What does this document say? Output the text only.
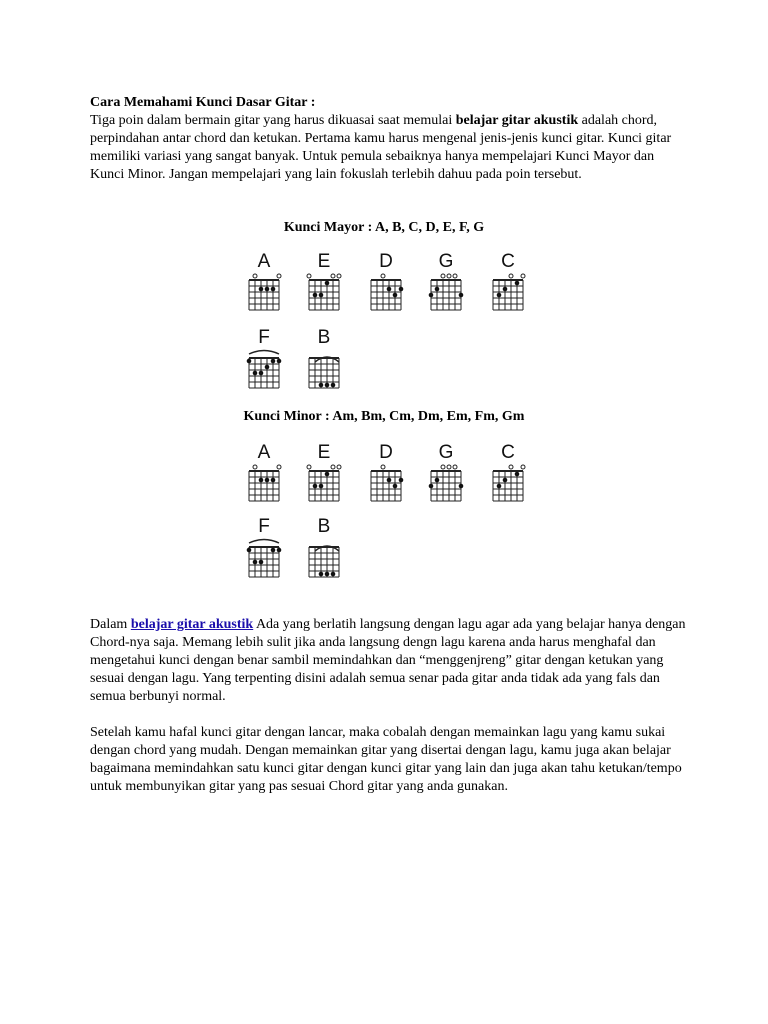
Cara Memahami Kunci Dasar Gitar :

Tiga poin dalam bermain gitar yang harus dikuasai saat memulai belajar gitar akustik adalah chord, perpindahan antar chord dan ketukan. Pertama kamu harus mengenal jenis-jenis kunci gitar. Kunci gitar memiliki variasi yang sangat banyak. Untuk pemula sebaiknya hanya mempelajari Kunci Mayor dan Kunci Minor. Jangan mempelajari yang lain fokuslah terlebih dahuu pada poin tersebut.

Kunci Mayor : A, B, C, D, E, F, G
A	E	D	G	C
F	B
Kunci Minor : Am, Bm, Cm, Dm, Em, Fm, Gm
A	E	D	G	C
F	B

Dalam belajar gitar akustik Ada yang berlatih langsung dengan lagu agar ada yang belajar hanya dengan Chord-nya saja. Memang lebih sulit jika anda langsung dengn lagu karena anda harus menghafal dan mengetahui kunci dengan benar sambil memindahkan dan “menggenjreng” gitar dengan ketukan yang sesuai dengan lagu. Yang terpenting disini adalah semua senar pada gitar anda tidak ada yang fals dan semua berbunyi normal.

Setelah kamu hafal kunci gitar dengan lancar, maka cobalah dengan memainkan lagu yang kamu sukai dengan chord yang mudah. Dengan memainkan gitar yang disertai dengan lagu, kamu juga akan belajar bagaimana memindahkan satu kunci gitar dengan kunci gitar yang lain dan juga akan tahu ketukan/tempo untuk membunyikan gitar yang pas sesuai Chord gitar yang anda gunakan.
